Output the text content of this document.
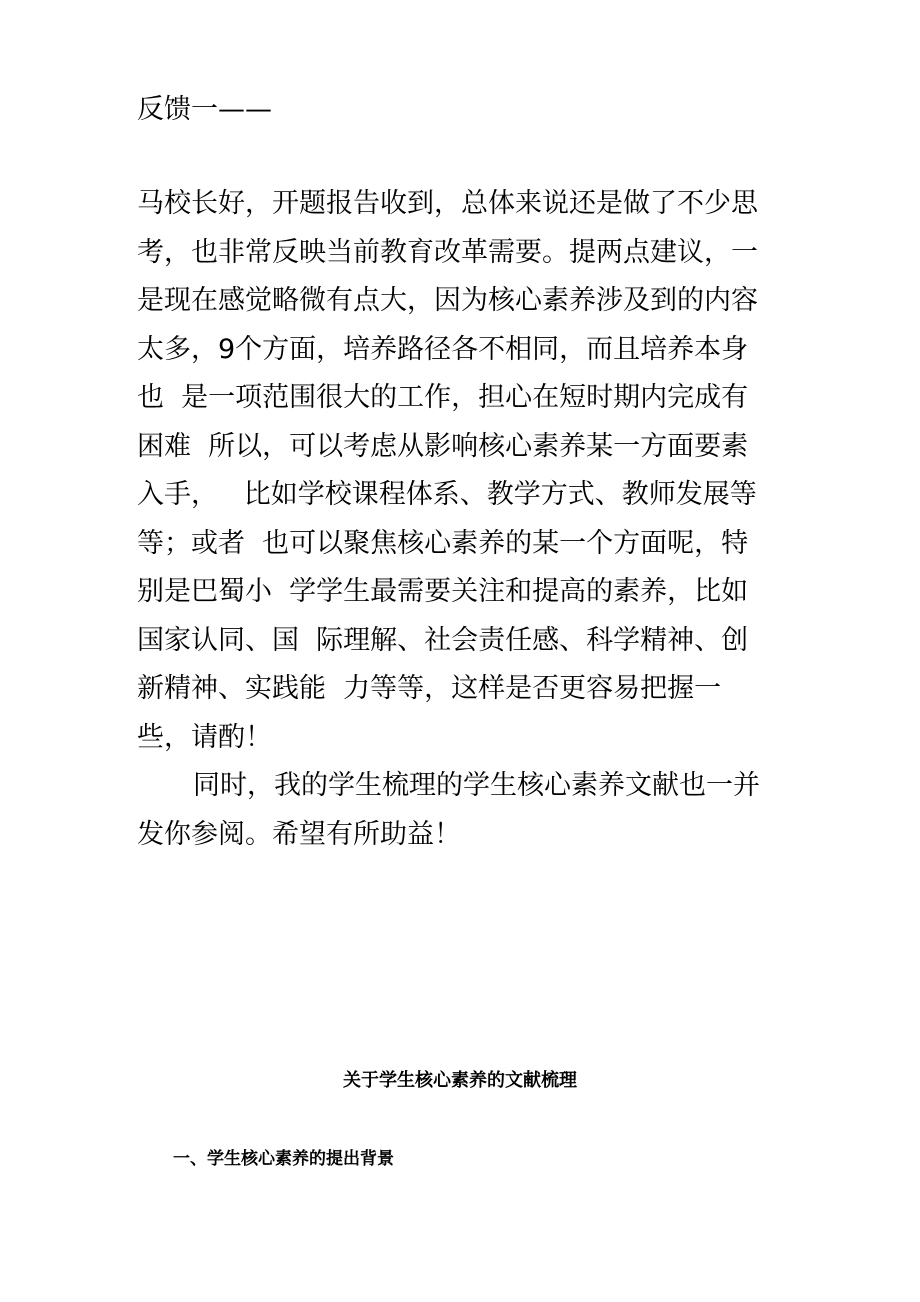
反馈一——
马校长好，开题报告收到，总体来说还是做了不少思
考，也非常反映当前教育改革需要。提两点建议，一
是现在感觉略微有点大，因为核心素养涉及到的内容
太多，9个方面，培养路径各不相同，而且培养本身
也  是一项范围很大的工作，担心在短时期内完成有
困难  所以，可以考虑从影响核心素养某一方面要素
入手，   比如学校课程体系、教学方式、教师发展等
等；或者  也可以聚焦核心素养的某一个方面呢，特
别是巴蜀小  学学生最需要关注和提高的素养，比如
国家认同、国  际理解、社会责任感、科学精神、创
新精神、实践能  力等等，这样是否更容易把握一
些，请酌！
同时，我的学生梳理的学生核心素养文献也一并
发你参阅。希望有所助益！
关于学生核心素养的文献梳理
一、学生核心素养的提出背景
